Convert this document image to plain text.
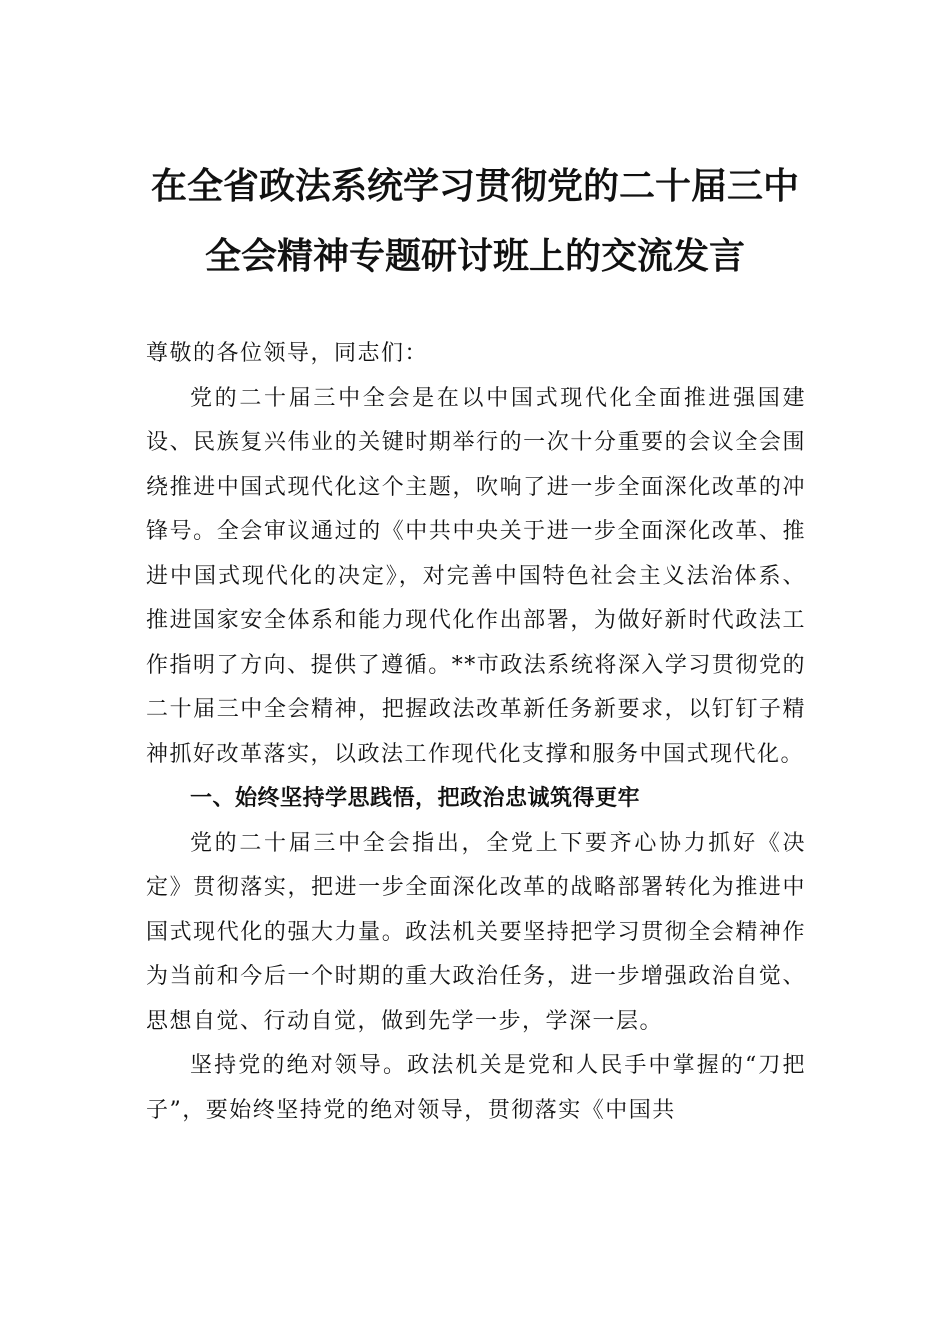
在全省政法系统学习贯彻党的二十届三中
全会精神专题研讨班上的交流发言

尊敬的各位领导，同志们：

党的二十届三中全会是在以中国式现代化全面推进强国建设、民族复兴伟业的关键时期举行的一次十分重要的会议全会围绕推进中国式现代化这个主题，吹响了进一步全面深化改革的冲锋号。全会审议通过的《中共中央关于进一步全面深化改革、推进中国式现代化的决定》，对完善中国特色社会主义法治体系、推进国家安全体系和能力现代化作出部署，为做好新时代政法工作指明了方向、提供了遵循。**市政法系统将深入学习贯彻党的二十届三中全会精神，把握政法改革新任务新要求，以钉钉子精神抓好改革落实，以政法工作现代化支撑和服务中国式现代化。

一、始终坚持学思践悟，把政治忠诚筑得更牢

党的二十届三中全会指出，全党上下要齐心协力抓好《决定》贯彻落实，把进一步全面深化改革的战略部署转化为推进中国式现代化的强大力量。政法机关要坚持把学习贯彻全会精神作为当前和今后一个时期的重大政治任务，进一步增强政治自觉、思想自觉、行动自觉，做到先学一步，学深一层。

坚持党的绝对领导。政法机关是党和人民手中掌握的“刀把子”，要始终坚持党的绝对领导，贯彻落实《中国共
